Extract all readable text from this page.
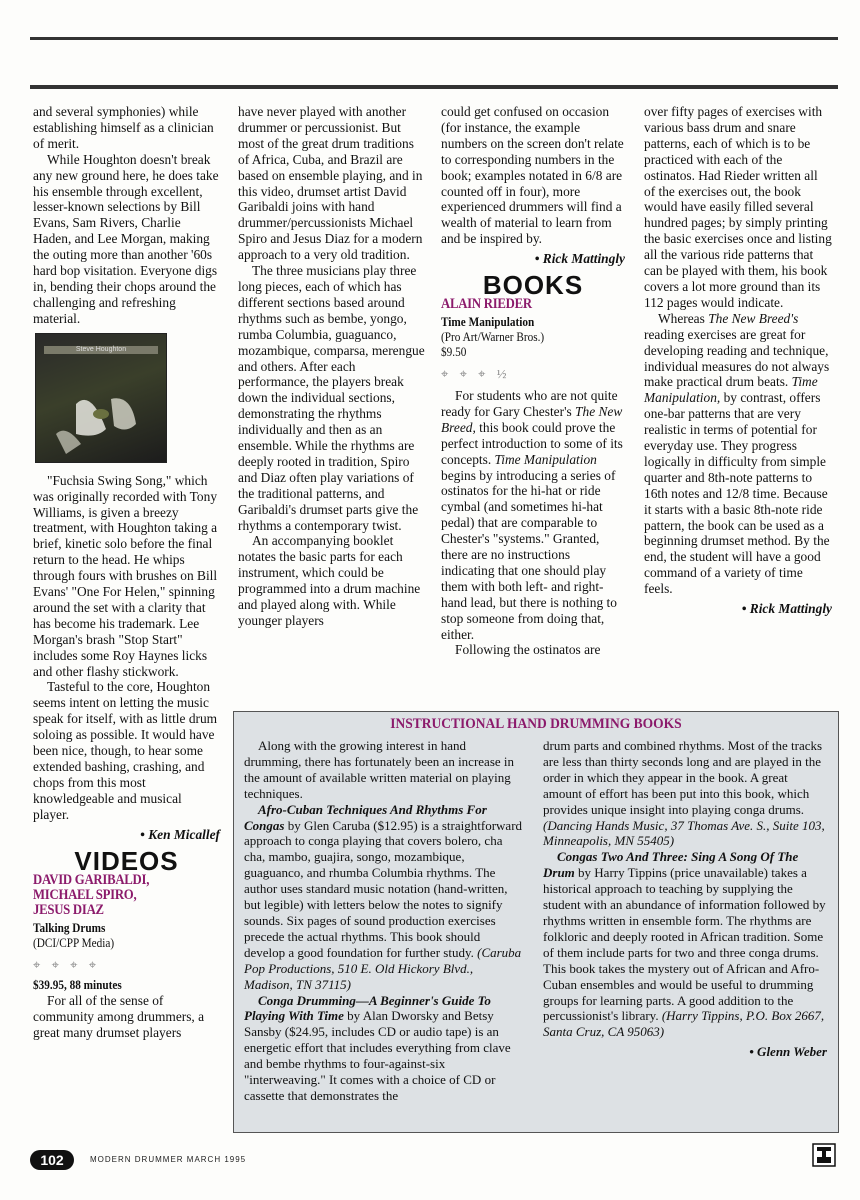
and several symphonies) while establishing himself as a clinician of merit.

While Houghton doesn't break any new ground here, he does take his ensemble through excellent, lesser-known selections by Bill Evans, Sam Rivers, Charlie Haden, and Lee Morgan, making the outing more than another '60s hard bop visitation. Everyone digs in, bending their chops around the challenging and refreshing material.

Steve Houghton

"Fuchsia Swing Song," which was originally recorded with Tony Williams, is given a breezy treatment, with Houghton taking a brief, kinetic solo before the final return to the head. He whips through fours with brushes on Bill Evans' "One For Helen," spinning around the set with a clarity that has become his trademark. Lee Morgan's brash "Stop Start" includes some Roy Haynes licks and other flashy stickwork.

Tasteful to the core, Houghton seems intent on letting the music speak for itself, with as little drum soloing as possible. It would have been nice, though, to hear some extended bashing, crashing, and chops from this most knowledgeable and musical player.

• Ken Micallef
VIDEOS
DAVID GARIBALDI,
MICHAEL SPIRO,
JESUS DIAZ
Talking Drums
(DCI/CPP Media)
⌖ ⌖ ⌖ ⌖
$39.95, 88 minutes

For all of the sense of community among drummers, a great many drumset players

have never played with another drummer or percussionist. But most of the great drum traditions of Africa, Cuba, and Brazil are based on ensemble playing, and in this video, drumset artist David Garibaldi joins with hand drummer/percussionists Michael Spiro and Jesus Diaz for a modern approach to a very old tradition.

The three musicians play three long pieces, each of which has different sections based around rhythms such as bembe, yongo, rumba Columbia, guaguanco, mozambique, comparsa, merengue and others. After each performance, the players break down the individual sections, demonstrating the rhythms individually and then as an ensemble. While the rhythms are deeply rooted in tradition, Spiro and Diaz often play variations of the traditional patterns, and Garibaldi's drumset parts give the rhythms a contemporary twist.

An accompanying booklet notates the basic parts for each instrument, which could be programmed into a drum machine and played along with. While younger players

could get confused on occasion (for instance, the example numbers on the screen don't relate to corresponding numbers in the book; examples notated in 6/8 are counted off in four), more experienced drummers will find a wealth of material to learn from and be inspired by.

• Rick Mattingly
BOOKS
ALAIN RIEDER
Time Manipulation
(Pro Art/Warner Bros.)
$9.50
⌖ ⌖ ⌖ ½

For students who are not quite ready for Gary Chester's The New Breed, this book could prove the perfect introduction to some of its concepts. Time Manipulation begins by introducing a series of ostinatos for the hi-hat or ride cymbal (and sometimes hi-hat pedal) that are comparable to Chester's "systems." Granted, there are no instructions indicating that one should play them with both left- and right-hand lead, but there is nothing to stop someone from doing that, either.

Following the ostinatos are

over fifty pages of exercises with various bass drum and snare patterns, each of which is to be practiced with each of the ostinatos. Had Rieder written all of the exercises out, the book would have easily filled several hundred pages; by simply printing the basic exercises once and listing all the various ride patterns that can be played with them, his book covers a lot more ground than its 112 pages would indicate.

Whereas The New Breed's reading exercises are great for developing reading and technique, individual measures do not always make practical drum beats. Time Manipulation, by contrast, offers one-bar patterns that are very realistic in terms of potential for everyday use. They progress logically in difficulty from simple quarter and 8th-note patterns to 16th notes and 12/8 time. Because it starts with a basic 8th-note ride pattern, the book can be used as a beginning drumset method. By the end, the student will have a good command of a variety of time feels.

• Rick Mattingly
INSTRUCTIONAL HAND DRUMMING BOOKS

Along with the growing interest in hand drumming, there has fortunately been an increase in the amount of available written material on playing techniques.

Afro-Cuban Techniques And Rhythms For Congas by Glen Caruba ($12.95) is a straightforward approach to conga playing that covers bolero, cha cha, mambo, guajira, songo, mozambique, guaguanco, and rhumba Columbia rhythms. The author uses standard music notation (hand-written, but legible) with letters below the notes to signify sounds. Six pages of sound production exercises precede the actual rhythms. This book should develop a good foundation for further study. (Caruba Pop Productions, 510 E. Old Hickory Blvd., Madison, TN 37115)

Conga Drumming—A Beginner's Guide To Playing With Time by Alan Dworsky and Betsy Sansby ($24.95, includes CD or audio tape) is an energetic effort that includes everything from clave and bembe rhythms to four-against-six "interweaving." It comes with a choice of CD or cassette that demonstrates the

drum parts and combined rhythms. Most of the tracks are less than thirty seconds long and are played in the order in which they appear in the book. A great amount of effort has been put into this book, which provides unique insight into playing conga drums. (Dancing Hands Music, 37 Thomas Ave. S., Suite 103, Minneapolis, MN 55405)

Congas Two And Three: Sing A Song Of The Drum by Harry Tippins (price unavailable) takes a historical approach to teaching by supplying the student with an abundance of information followed by rhythms written in ensemble form. The rhythms are folkloric and deeply rooted in African tradition. Some of them include parts for two and three conga drums. This book takes the mystery out of African and Afro-Cuban ensembles and would be useful to drumming groups for learning parts. A good addition to the percussionist's library. (Harry Tippins, P.O. Box 2667, Santa Cruz, CA 95063)

• Glenn Weber
102	MODERN DRUMMER MARCH 1995
